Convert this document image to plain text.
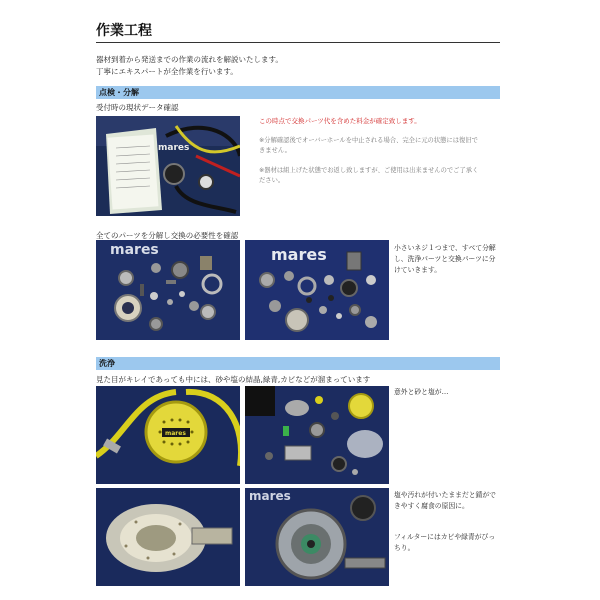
作業工程
器材到着から発送までの作業の流れを解説いたします。
丁寧にエキスパートが全作業を行います。
点検・分解
受付時の現状データ確認
mares
この時点で交換パーツ代を含めた料金が確定致します。
※分解確認後でオーバーホールを中止される場合、完全に元の状態には復旧で
きません。
※器材は組上げた状態でお返し致しますが、ご使用は出来ませんのでご了承く
ださい。
全てのパーツを分解し交換の必要性を確認
mares	mares	小さいネジ１つまで、すべて分解
し、洗浄パーツと交換パーツに分
けていきます。
洗浄
見た目がキレイであっても中には、砂や塩の結晶,緑青,カビなどが溜まっています
mares
意外と砂と塩が…
mares	塩や汚れが付いたままだと錆がで
きやすく腐食の原因に。
フィルターにはカビや緑青がびっ
ちり。
